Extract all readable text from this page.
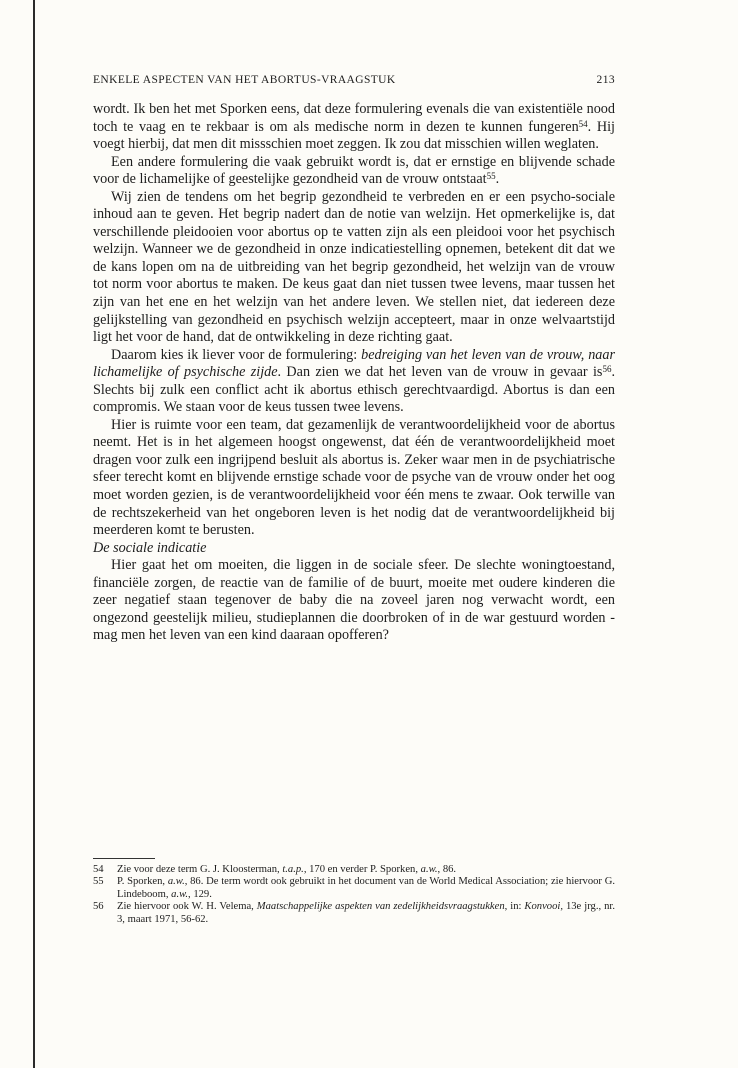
ENKELE ASPECTEN VAN HET ABORTUS-VRAAGSTUK	213

wordt. Ik ben het met Sporken eens, dat deze formulering evenals die van existentiële nood toch te vaag en te rekbaar is om als medische norm in dezen te kunnen fungeren$^{54}$. Hij voegt hierbij, dat men dit missschien moet zeggen. Ik zou dat misschien willen weglaten.

Een andere formulering die vaak gebruikt wordt is, dat er ernstige en blijvende schade voor de lichamelijke of geestelijke gezondheid van de vrouw ontstaat$^{55}$.

Wij zien de tendens om het begrip gezondheid te verbreden en er een psycho-sociale inhoud aan te geven. Het begrip nadert dan de notie van welzijn. Het opmerkelijke is, dat verschillende pleidooien voor abortus op te vatten zijn als een pleidooi voor het psychisch welzijn. Wanneer we de gezondheid in onze indicatiestelling opnemen, betekent dit dat we de kans lopen om na de uitbreiding van het begrip gezondheid, het welzijn van de vrouw tot norm voor abortus te maken. De keus gaat dan niet tussen twee levens, maar tussen het zijn van het ene en het welzijn van het andere leven. We stellen niet, dat iedereen deze gelijkstelling van gezondheid en psychisch welzijn accepteert, maar in onze welvaartstijd ligt het voor de hand, dat de ontwikkeling in deze richting gaat.

Daarom kies ik liever voor de formulering: bedreiging van het leven van de vrouw, naar lichamelijke of psychische zijde. Dan zien we dat het leven van de vrouw in gevaar $is^{56}$. Slechts bij zulk een conflict acht ik abortus ethisch gerechtvaardigd. Abortus is dan een compromis. We staan voor de keus tussen twee levens.

Hier is ruimte voor een team, dat gezamenlijk de verantwoordelijkheid voor de abortus neemt. Het is in het algemeen hoogst ongewenst, dat één de verantwoordelijkheid moet dragen voor zulk een ingrijpend besluit als abortus is. Zeker waar men in de psychiatrische sfeer terecht komt en blijvende ernstige schade voor de psyche van de vrouw onder het oog moet worden gezien, is de verantwoordelijkheid voor één mens te zwaar. Ook terwille van de rechtszekerheid van het ongeboren leven is het nodig dat de verantwoordelijkheid bij meerderen komt te berusten.

De sociale indicatie

Hier gaat het om moeiten, die liggen in de sociale sfeer. De slechte woningtoestand, financiële zorgen, de reactie van de familie of de buurt, moeite met oudere kinderen die zeer negatief staan tegenover de baby die na zoveel jaren nog verwacht wordt, een ongezond geestelijk milieu, studieplannen die doorbroken of in de war gestuurd worden - mag men het leven van een kind daaraan opofferen?

54 Zie voor deze term G. J. Kloosterman, t.a.p., 170 en verder P. Sporken, a.w., 86.

55 P. Sporken, a.w., 86. De term wordt ook gebruikt in het document van de World Medical Association; zie hiervoor G. Lindeboom, a.w., 129.

56 Zie hiervoor ook W. H. Velema, Maatschappelijke aspekten van zedelijkheidsvraagstukken, in: Konvooi, 13e jrg., nr. 3, maart 1971, 56-62.
